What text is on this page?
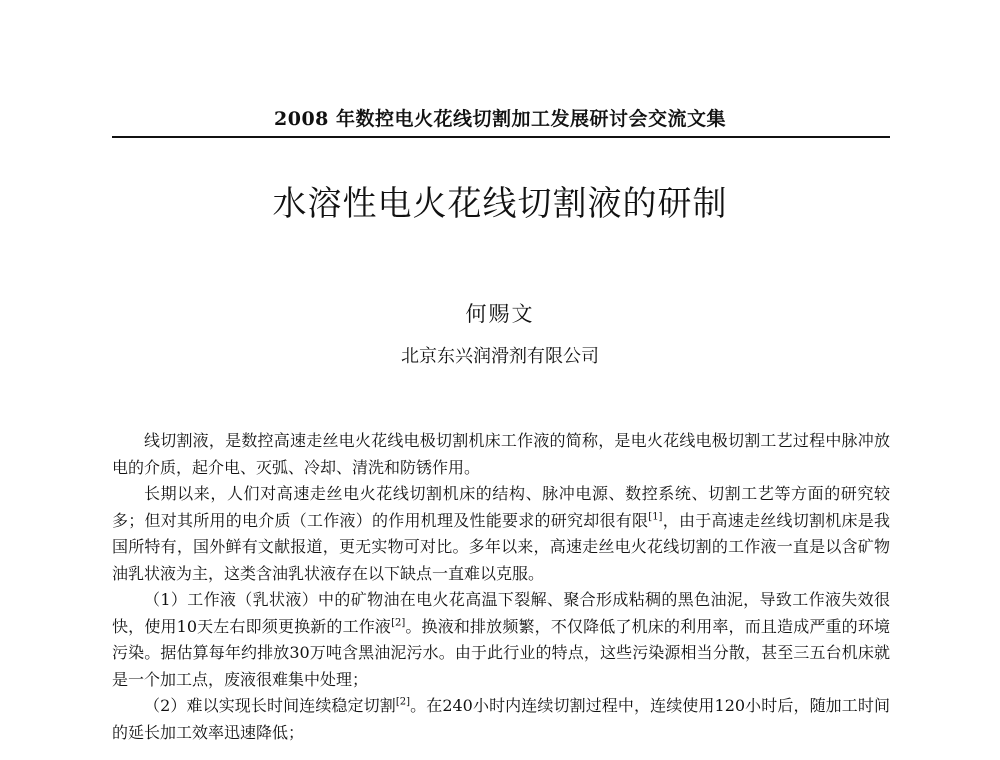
2008 年数控电火花线切割加工发展研讨会交流文集
水溶性电火花线切割液的研制
何赐文
北京东兴润滑剂有限公司

线切割液，是数控高速走丝电火花线电极切割机床工作液的简称，是电火花线电极切割工艺过程中脉冲放电的介质，起介电、灭弧、冷却、清洗和防锈作用。

长期以来，人们对高速走丝电火花线切割机床的结构、脉冲电源、数控系统、切割工艺等方面的研究较多；但对其所用的电介质（工作液）的作用机理及性能要求的研究却很有限[1]，由于高速走丝线切割机床是我国所特有，国外鲜有文献报道，更无实物可对比。多年以来，高速走丝电火花线切割的工作液一直是以含矿物油乳状液为主，这类含油乳状液存在以下缺点一直难以克服。

（1）工作液（乳状液）中的矿物油在电火花高温下裂解、聚合形成粘稠的黑色油泥，导致工作液失效很快，使用10天左右即须更换新的工作液[2]。换液和排放频繁，不仅降低了机床的利用率，而且造成严重的环境污染。据估算每年约排放30万吨含黑油泥污水。由于此行业的特点，这些污染源相当分散，甚至三五台机床就是一个加工点，废液很难集中处理；

（2）难以实现长时间连续稳定切割[2]。在240小时内连续切割过程中，连续使用120小时后，随加工时间的延长加工效率迅速降低；
